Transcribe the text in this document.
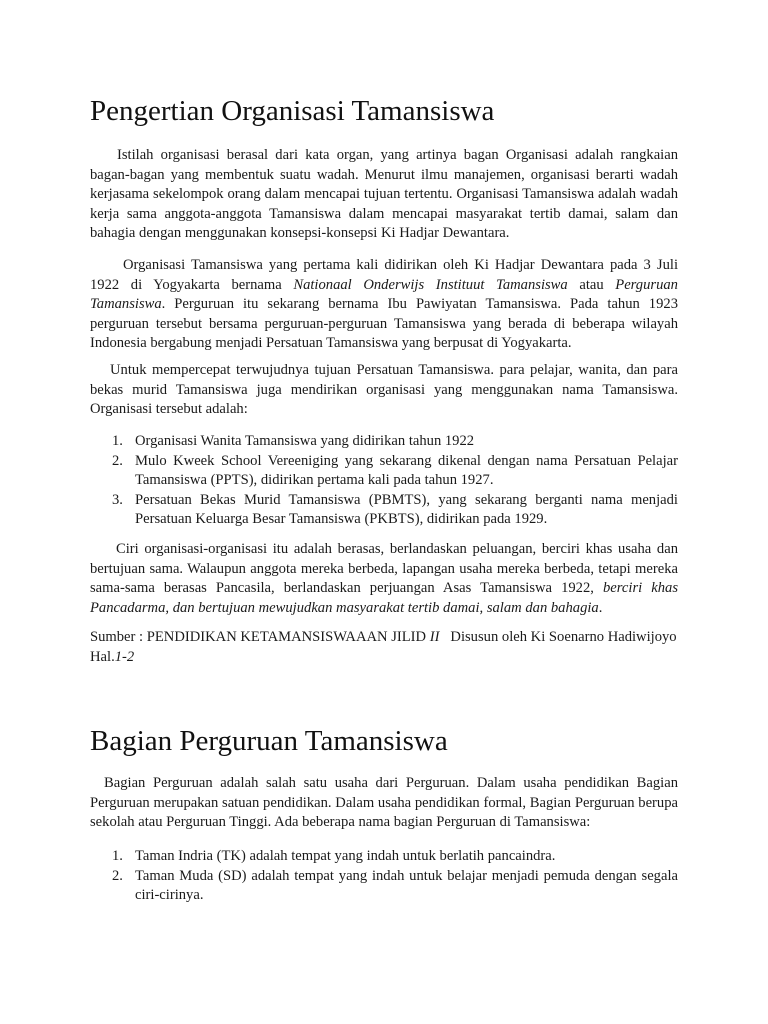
Pengertian Organisasi Tamansiswa

Istilah organisasi berasal dari kata organ, yang artinya bagan Organisasi adalah rangkaian bagan-bagan yang membentuk suatu wadah. Menurut ilmu manajemen, organisasi berarti wadah kerjasama sekelompok orang dalam mencapai tujuan tertentu. Organisasi Tamansiswa adalah wadah kerja sama anggota-anggota Tamansiswa dalam mencapai masyarakat tertib damai, salam dan bahagia dengan menggunakan konsepsi-konsepsi Ki Hadjar Dewantara.

Organisasi Tamansiswa yang pertama kali didirikan oleh Ki Hadjar Dewantara pada 3 Juli 1922 di Yogyakarta bernama Nationaal Onderwijs Instituut Tamansiswa atau Perguruan Tamansiswa. Perguruan itu sekarang bernama Ibu Pawiyatan Tamansiswa. Pada tahun 1923 perguruan tersebut bersama perguruan-perguruan Tamansiswa yang berada di beberapa wilayah Indonesia bergabung menjadi Persatuan Tamansiswa yang berpusat di Yogyakarta.

Untuk mempercepat terwujudnya tujuan Persatuan Tamansiswa. para pelajar, wanita, dan para bekas murid Tamansiswa juga mendirikan organisasi yang menggunakan nama Tamansiswa. Organisasi tersebut adalah:

1. Organisasi Wanita Tamansiswa yang didirikan tahun 1922
2. Mulo Kweek School Vereeniging yang sekarang dikenal dengan nama Persatuan Pelajar Tamansiswa (PPTS), didirikan pertama kali pada tahun 1927.
3. Persatuan Bekas Murid Tamansiswa (PBMTS), yang sekarang berganti nama menjadi Persatuan Keluarga Besar Tamansiswa (PKBTS), didirikan pada 1929.

Ciri organisasi-organisasi itu adalah berasas, berlandaskan peluangan, berciri khas usaha dan bertujuan sama. Walaupun anggota mereka berbeda, lapangan usaha mereka berbeda, tetapi mereka sama-sama berasas Pancasila, berlandaskan perjuangan Asas Tamansiswa 1922, berciri khas Pancadarma, dan bertujuan mewujudkan masyarakat tertib damai, salam dan bahagia.

Sumber : PENDIDIKAN KETAMANSISWAAAN JILID II   Disusun oleh Ki Soenarno Hadiwijoyo Hal.1-2

Bagian Perguruan Tamansiswa

Bagian Perguruan adalah salah satu usaha dari Perguruan. Dalam usaha pendidikan Bagian Perguruan merupakan satuan pendidikan. Dalam usaha pendidikan formal, Bagian Perguruan berupa sekolah atau Perguruan Tinggi. Ada beberapa nama bagian Perguruan di Tamansiswa:

1. Taman Indria (TK) adalah tempat yang indah untuk berlatih pancaindra.
2. Taman Muda (SD) adalah tempat yang indah untuk belajar menjadi pemuda dengan segala ciri-cirinya.
